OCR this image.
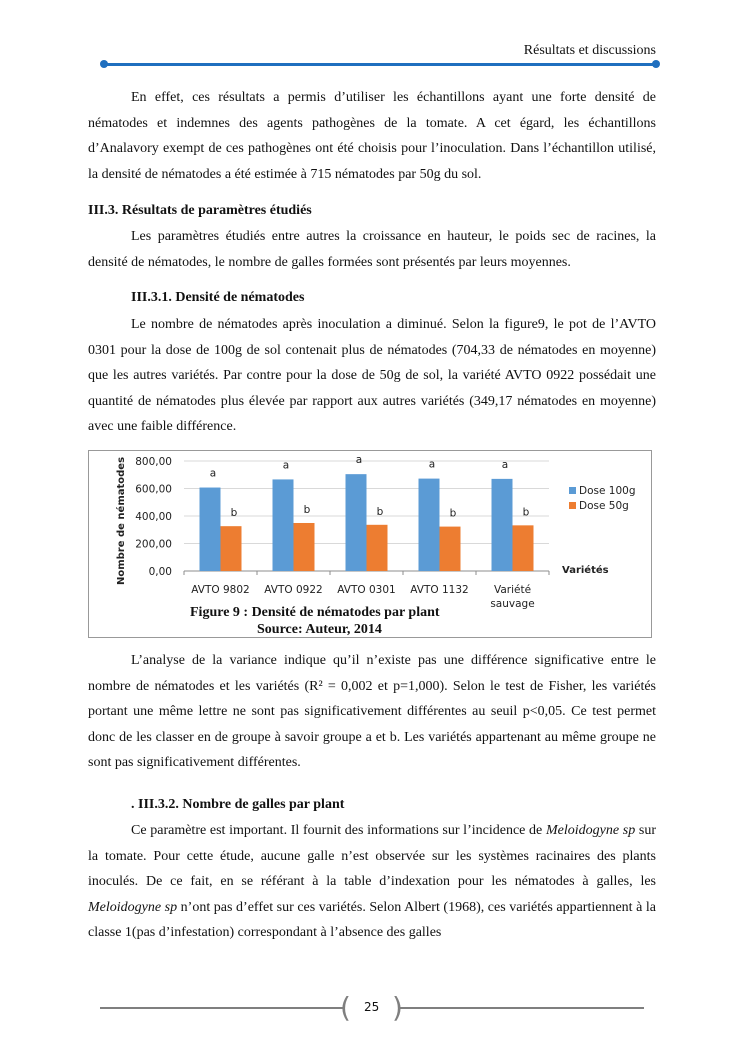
Résultats et discussions
En effet, ces résultats a permis d’utiliser les échantillons ayant une forte densité de nématodes et indemnes des agents pathogènes de la tomate. A cet égard, les échantillons d’Analavory exempt de ces pathogènes ont été choisis pour l’inoculation. Dans l’échantillon utilisé, la densité de nématodes a été estimée à 715 nématodes par 50g du sol.
III.3. Résultats de paramètres étudiés
Les paramètres étudiés entre autres la croissance en hauteur, le poids sec de racines, la densité de nématodes, le nombre de galles formées sont présentés par leurs moyennes.
III.3.1. Densité de nématodes
Le nombre de nématodes après inoculation a diminué. Selon la figure9, le pot de l’AVTO 0301 pour la dose de 100g de sol contenait plus de nématodes (704,33 de nématodes en moyenne) que les autres variétés. Par contre pour la dose de 50g de sol, la variété AVTO 0922 possédait une quantité de nématodes plus élevée par rapport aux autres variétés (349,17 nématodes en moyenne) avec une faible différence.
0,00
200,00
400,00
600,00
800,00
Nombre de nématodes	a
b
AVTO 9802
a
b
AVTO 0922
a
b
AVTO 0301
a
b
AVTO 1132
a
b
Variété
sauvage
Variétés
Dose 100g
Dose 50g
Figure 9 : Densité de nématodes par plant
Source: Auteur, 2014
L’analyse de la variance indique qu’il n’existe pas une différence significative entre le nombre de nématodes et les variétés (R² = 0,002 et p=1,000). Selon le test de Fisher, les variétés portant une même lettre ne sont pas significativement différentes au seuil p<0,05. Ce test permet donc de les classer en de groupe à savoir groupe a et b. Les variétés appartenant au même groupe ne sont pas significativement différentes.
. III.3.2. Nombre de galles par plant
Ce paramètre est important. Il fournit des informations sur l’incidence de Meloidogyne sp sur la tomate. Pour cette étude, aucune galle n’est observée sur les systèmes racinaires des plants inoculés. De ce fait, en se référant à la table d’indexation pour les nématodes à galles, les Meloidogyne sp n’ont pas d’effet sur ces variétés. Selon Albert (1968), ces variétés appartiennent à la classe 1(pas d’infestation) correspondant à l’absence des galles
( )
25
